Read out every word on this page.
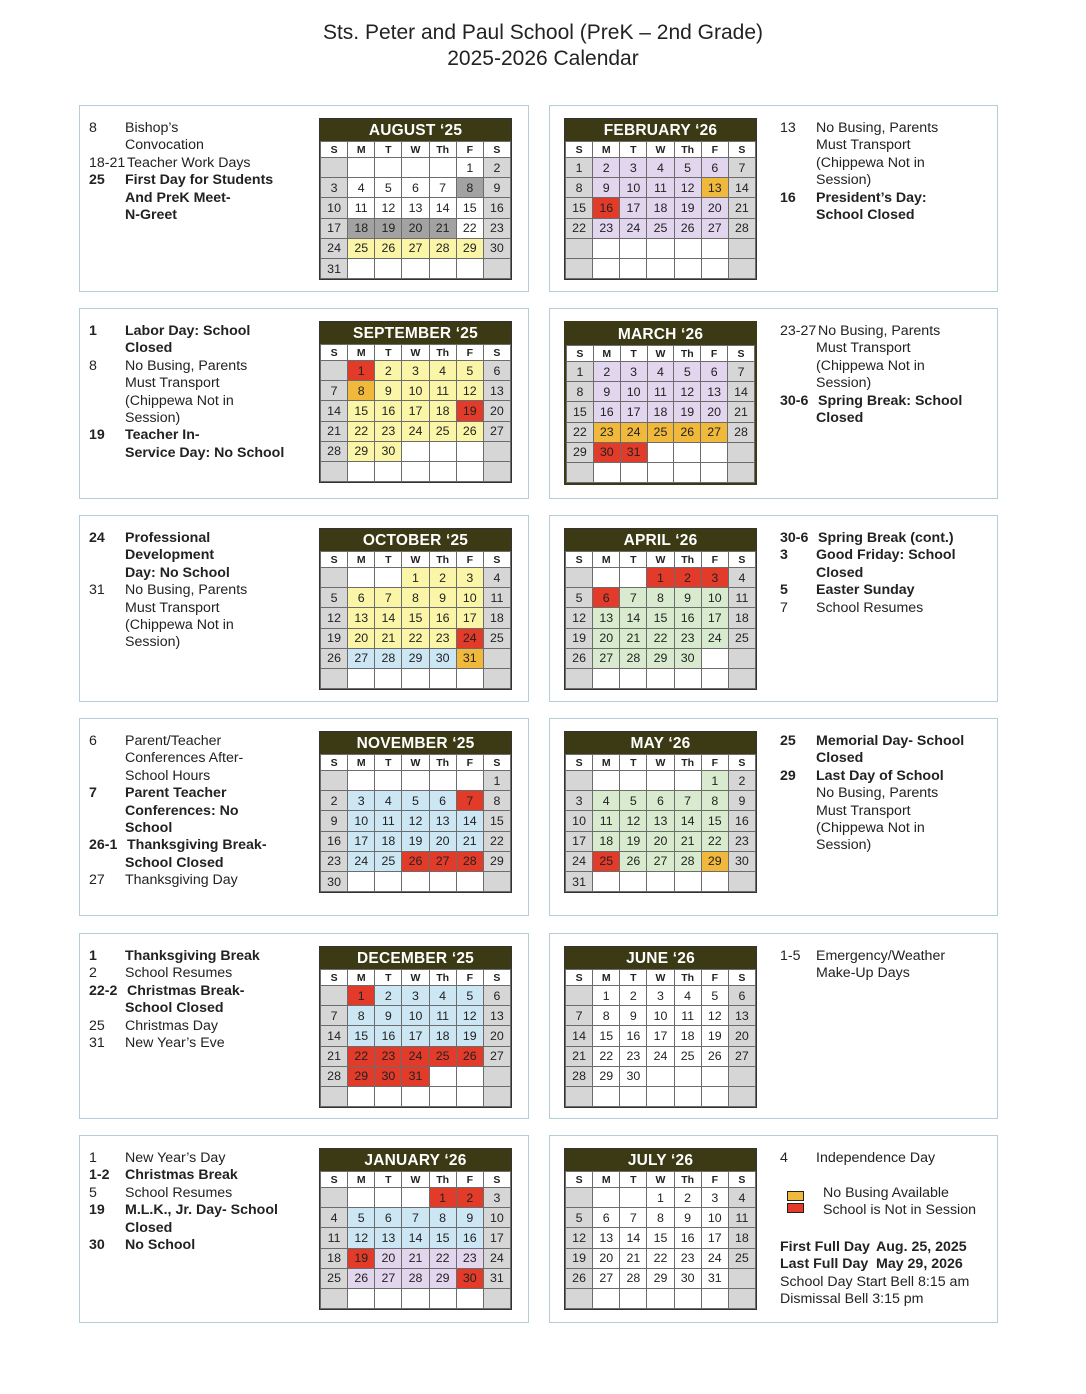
Sts. Peter and Paul School (PreK – 2nd Grade)
2025-2026 Calendar
8	Bishop’s
Convocation
18-21 Teacher Work Days
25	First Day for Students
And PreK Meet-
N-Greet
AUGUST ‘25
S	M	T	W	Th	F	S
					1	2
3	4	5	6	7	8	9
10	11	12	13	14	15	16
17	18	19	20	21	22	23
24	25	26	27	28	29	30
31						
13	No Busing, Parents
Must Transport
(Chippewa Not in
Session)
16	President’s Day:
School Closed
FEBRUARY ‘26
S	M	T	W	Th	F	S
1	2	3	4	5	6	7
8	9	10	11	12	13	14
15	16	17	18	19	20	21
22	23	24	25	26	27	28

1	Labor Day: School
Closed
8	No Busing, Parents
Must Transport
(Chippewa Not in
Session)
19	Teacher In-
Service Day: No School
SEPTEMBER ‘25
S	M	T	W	Th	F	S
	1	2	3	4	5	6
7	8	9	10	11	12	13
14	15	16	17	18	19	20
21	22	23	24	25	26	27
28	29	30				

23-27 No Busing, Parents
Must Transport
(Chippewa Not in
Session)
30-6 Spring Break: School
Closed
MARCH ‘26
S	M	T	W	Th	F	S
1	2	3	4	5	6	7
8	9	10	11	12	13	14
15	16	17	18	19	20	21
22	23	24	25	26	27	28
29	30	31				

24	Professional
Development
Day: No School
31	No Busing, Parents
Must Transport
(Chippewa Not in
Session)
OCTOBER ‘25
S	M	T	W	Th	F	S
			1	2	3	4
5	6	7	8	9	10	11
12	13	14	15	16	17	18
19	20	21	22	23	24	25
26	27	28	29	30	31	

30-6 Spring Break (cont.)
3	Good Friday: School
Closed
5	Easter Sunday
7	School Resumes
APRIL ‘26
S	M	T	W	Th	F	S
			1	2	3	4
5	6	7	8	9	10	11
12	13	14	15	16	17	18
19	20	21	22	23	24	25
26	27	28	29	30		

6	Parent/Teacher
Conferences After-
School Hours
7	Parent Teacher
Conferences: No
School
26-1 Thanksgiving Break-
School Closed
27	Thanksgiving Day
NOVEMBER ‘25
S	M	T	W	Th	F	S
						1
2	3	4	5	6	7	8
9	10	11	12	13	14	15
16	17	18	19	20	21	22
23	24	25	26	27	28	29
30						
25	Memorial Day- School
Closed
29	Last Day of School
No Busing, Parents
Must Transport
(Chippewa Not in
Session)
MAY ‘26
S	M	T	W	Th	F	S
					1	2
3	4	5	6	7	8	9
10	11	12	13	14	15	16
17	18	19	20	21	22	23
24	25	26	27	28	29	30
31						
1	Thanksgiving Break
2	School Resumes
22-2 Christmas Break-
School Closed
25	Christmas Day
31	New Year’s Eve
DECEMBER ‘25
S	M	T	W	Th	F	S
	1	2	3	4	5	6
7	8	9	10	11	12	13
14	15	16	17	18	19	20
21	22	23	24	25	26	27
28	29	30	31			

1-5	Emergency/Weather
Make-Up Days
JUNE ‘26
S	M	T	W	Th	F	S
	1	2	3	4	5	6
7	8	9	10	11	12	13
14	15	16	17	18	19	20
21	22	23	24	25	26	27
28	29	30				

1	New Year’s Day
1-2	Christmas Break
5	School Resumes
19	M.L.K., Jr. Day- School
Closed
30	No School
JANUARY ‘26
S	M	T	W	Th	F	S
				1	2	3
4	5	6	7	8	9	10
11	12	13	14	15	16	17
18	19	20	21	22	23	24
25	26	27	28	29	30	31

4	Independence Day
JULY ‘26
S	M	T	W	Th	F	S
			1	2	3	4
5	6	7	8	9	10	11
12	13	14	15	16	17	18
19	20	21	22	23	24	25
26	27	28	29	30	31	

No Busing Available
School is Not in Session
First Full Day Aug. 25, 2025
Last Full Day May 29, 2026
School Day Start Bell 8:15 am
Dismissal Bell 3:15 pm
